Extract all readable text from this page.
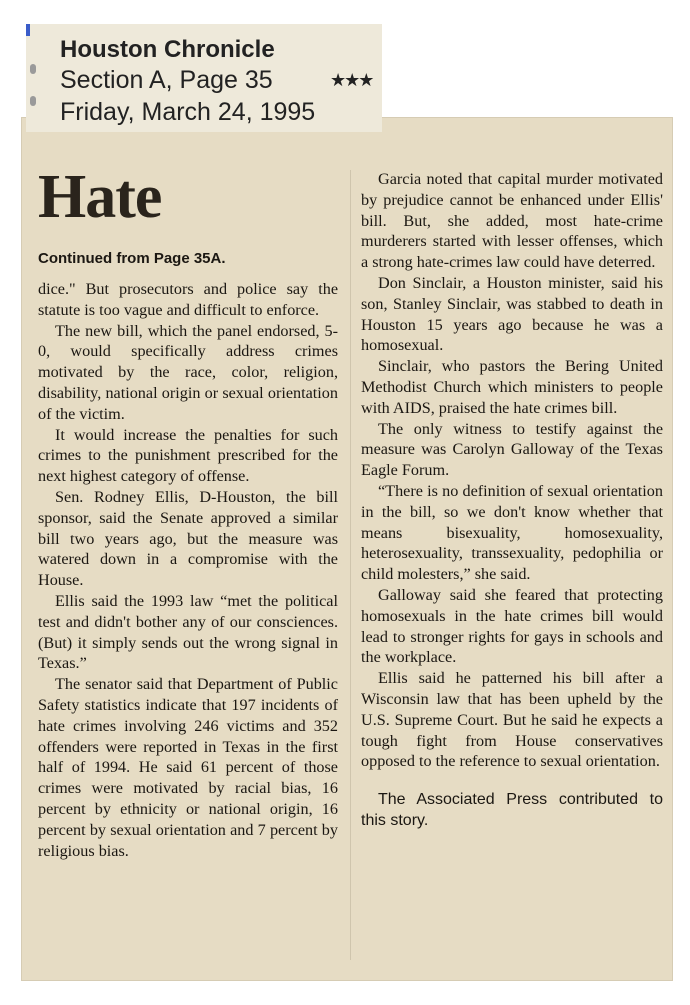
Houston Chronicle
Section A, Page 35	★★★
Friday, March 24, 1995
Hate
Continued from Page 35A.

dice." But prosecutors and police say the statute is too vague and difficult to enforce.

The new bill, which the panel endorsed, 5-0, would specifically address crimes motivated by the race, color, religion, disability, national origin or sexual orientation of the victim.

It would increase the penalties for such crimes to the punishment prescribed for the next highest category of offense.

Sen. Rodney Ellis, D-Houston, the bill sponsor, said the Senate approved a similar bill two years ago, but the measure was watered down in a compromise with the House.

Ellis said the 1993 law “met the political test and didn't bother any of our consciences. (But) it simply sends out the wrong signal in Texas.”

The senator said that Department of Public Safety statistics indicate that 197 incidents of hate crimes involving 246 victims and 352 offenders were reported in Texas in the first half of 1994. He said 61 percent of those crimes were motivated by racial bias, 16 percent by ethnicity or national origin, 16 percent by sexual orientation and 7 percent by religious bias.

Garcia noted that capital murder motivated by prejudice cannot be enhanced under Ellis' bill. But, she added, most hate-crime murderers started with lesser offenses, which a strong hate-crimes law could have deterred.

Don Sinclair, a Houston minister, said his son, Stanley Sinclair, was stabbed to death in Houston 15 years ago because he was a homosexual.

Sinclair, who pastors the Bering United Methodist Church which ministers to people with AIDS, praised the hate crimes bill.

The only witness to testify against the measure was Carolyn Galloway of the Texas Eagle Forum.

“There is no definition of sexual orientation in the bill, so we don't know whether that means bisexuality, homosexuality, heterosexuality, transsexuality, pedophilia or child molesters,” she said.

Galloway said she feared that protecting homosexuals in the hate crimes bill would lead to stronger rights for gays in schools and the workplace.

Ellis said he patterned his bill after a Wisconsin law that has been upheld by the U.S. Supreme Court. But he said he expects a tough fight from House conservatives opposed to the reference to sexual orientation.

The Associated Press contributed to this story.
